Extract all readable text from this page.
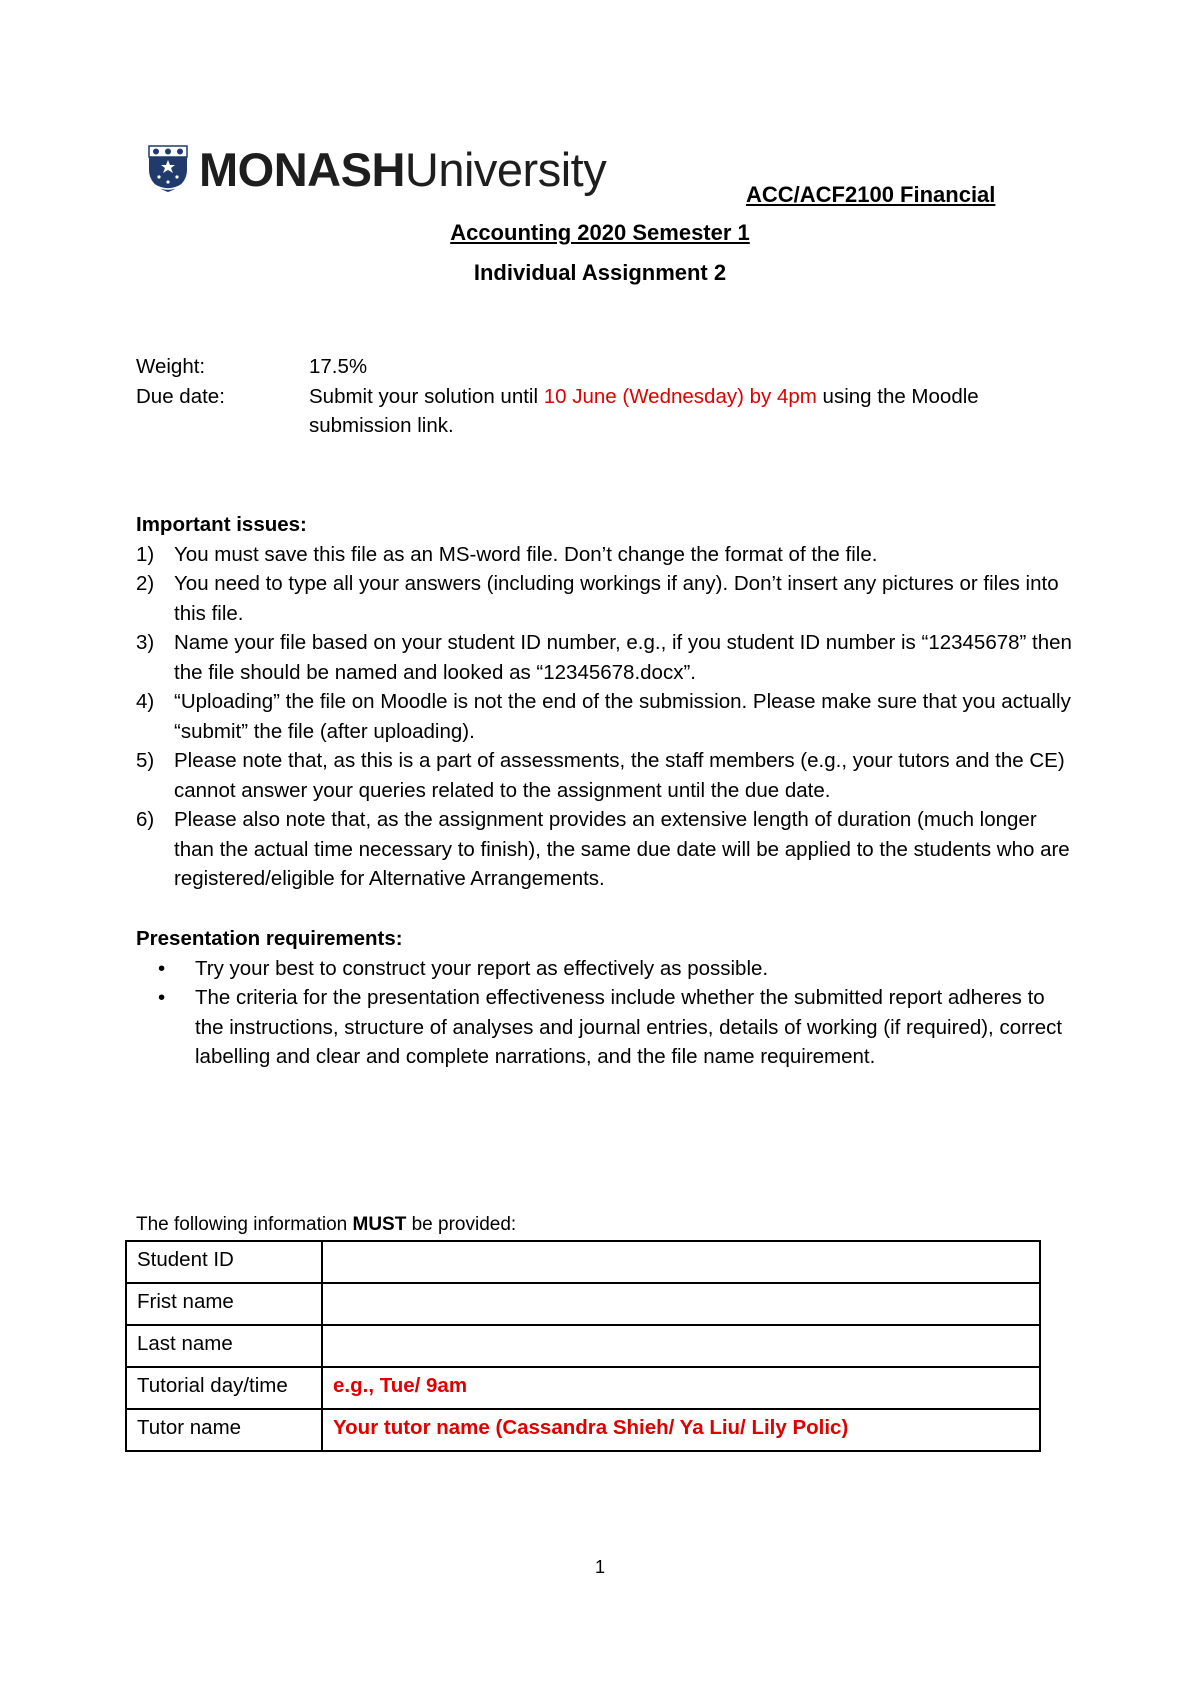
MONASHUniversity	ACC/ACF2100 Financial
Accounting 2020 Semester 1
Individual Assignment 2
Weight:	17.5%
Due date:	Submit your solution until 10 June (Wednesday) by 4pm using the Moodle submission link.
Important issues:
1) You must save this file as an MS-word file. Don’t change the format of the file.
2) You need to type all your answers (including workings if any). Don’t insert any pictures or files into this file.
3) Name your file based on your student ID number, e.g., if you student ID number is “12345678” then the file should be named and looked as “12345678.docx”.
4) “Uploading” the file on Moodle is not the end of the submission. Please make sure that you actually “submit” the file (after uploading).
5) Please note that, as this is a part of assessments, the staff members (e.g., your tutors and the CE) cannot answer your queries related to the assignment until the due date.
6) Please also note that, as the assignment provides an extensive length of duration (much longer than the actual time necessary to finish), the same due date will be applied to the students who are registered/eligible for Alternative Arrangements.
Presentation requirements:
•	Try your best to construct your report as effectively as possible.
•	The criteria for the presentation effectiveness include whether the submitted report adheres to the instructions, structure of analyses and journal entries, details of working (if required), correct labelling and clear and complete narrations, and the file name requirement.
The following information MUST be provided:
Student ID	
Frist name	
Last name	
Tutorial day/time	e.g., Tue/ 9am
Tutor name	Your tutor name (Cassandra Shieh/ Ya Liu/ Lily Polic)
1
